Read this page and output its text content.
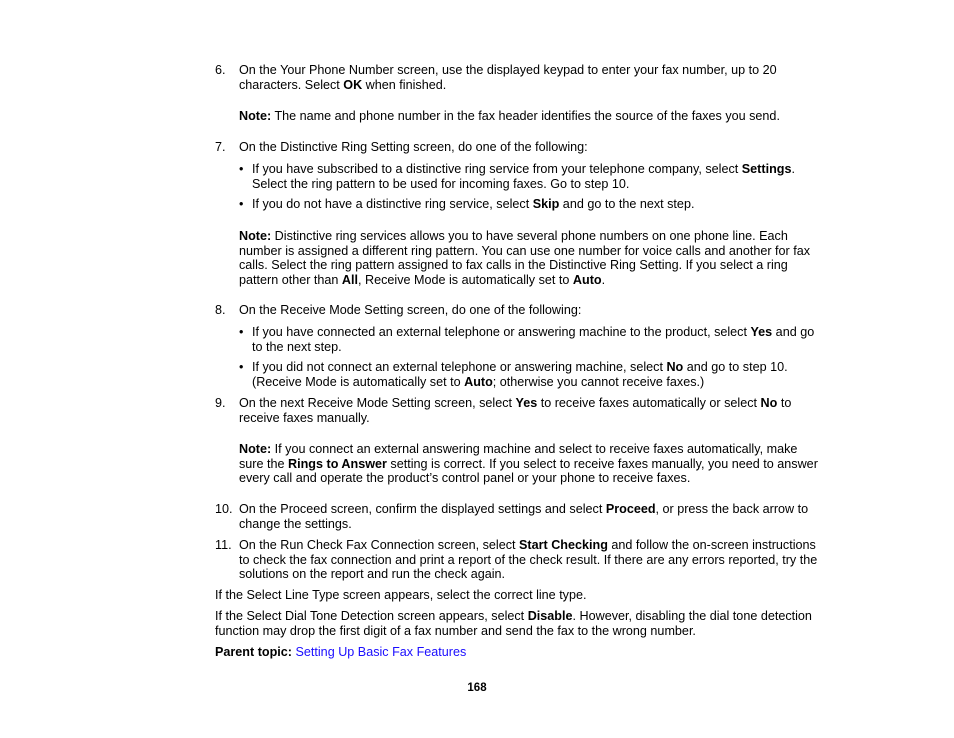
6.	On the Your Phone Number screen, use the displayed keypad to enter your fax number, up to 20 characters. Select OK when finished.
Note: The name and phone number in the fax header identifies the source of the faxes you send.
7.	On the Distinctive Ring Setting screen, do one of the following:
• If you have subscribed to a distinctive ring service from your telephone company, select Settings. Select the ring pattern to be used for incoming faxes. Go to step 10.
• If you do not have a distinctive ring service, select Skip and go to the next step.
Note: Distinctive ring services allows you to have several phone numbers on one phone line. Each number is assigned a different ring pattern. You can use one number for voice calls and another for fax calls. Select the ring pattern assigned to fax calls in the Distinctive Ring Setting. If you select a ring pattern other than All, Receive Mode is automatically set to Auto.
8.	On the Receive Mode Setting screen, do one of the following:
• If you have connected an external telephone or answering machine to the product, select Yes and go to the next step.
• If you did not connect an external telephone or answering machine, select No and go to step 10. (Receive Mode is automatically set to Auto; otherwise you cannot receive faxes.)
9.	On the next Receive Mode Setting screen, select Yes to receive faxes automatically or select No to receive faxes manually.
Note: If you connect an external answering machine and select to receive faxes automatically, make sure the Rings to Answer setting is correct. If you select to receive faxes manually, you need to answer every call and operate the product’s control panel or your phone to receive faxes.
10. On the Proceed screen, confirm the displayed settings and select Proceed, or press the back arrow to change the settings.
11. On the Run Check Fax Connection screen, select Start Checking and follow the on-screen instructions to check the fax connection and print a report of the check result. If there are any errors reported, try the solutions on the report and run the check again.
If the Select Line Type screen appears, select the correct line type.
If the Select Dial Tone Detection screen appears, select Disable. However, disabling the dial tone detection function may drop the first digit of a fax number and send the fax to the wrong number.
Parent topic: Setting Up Basic Fax Features
168
